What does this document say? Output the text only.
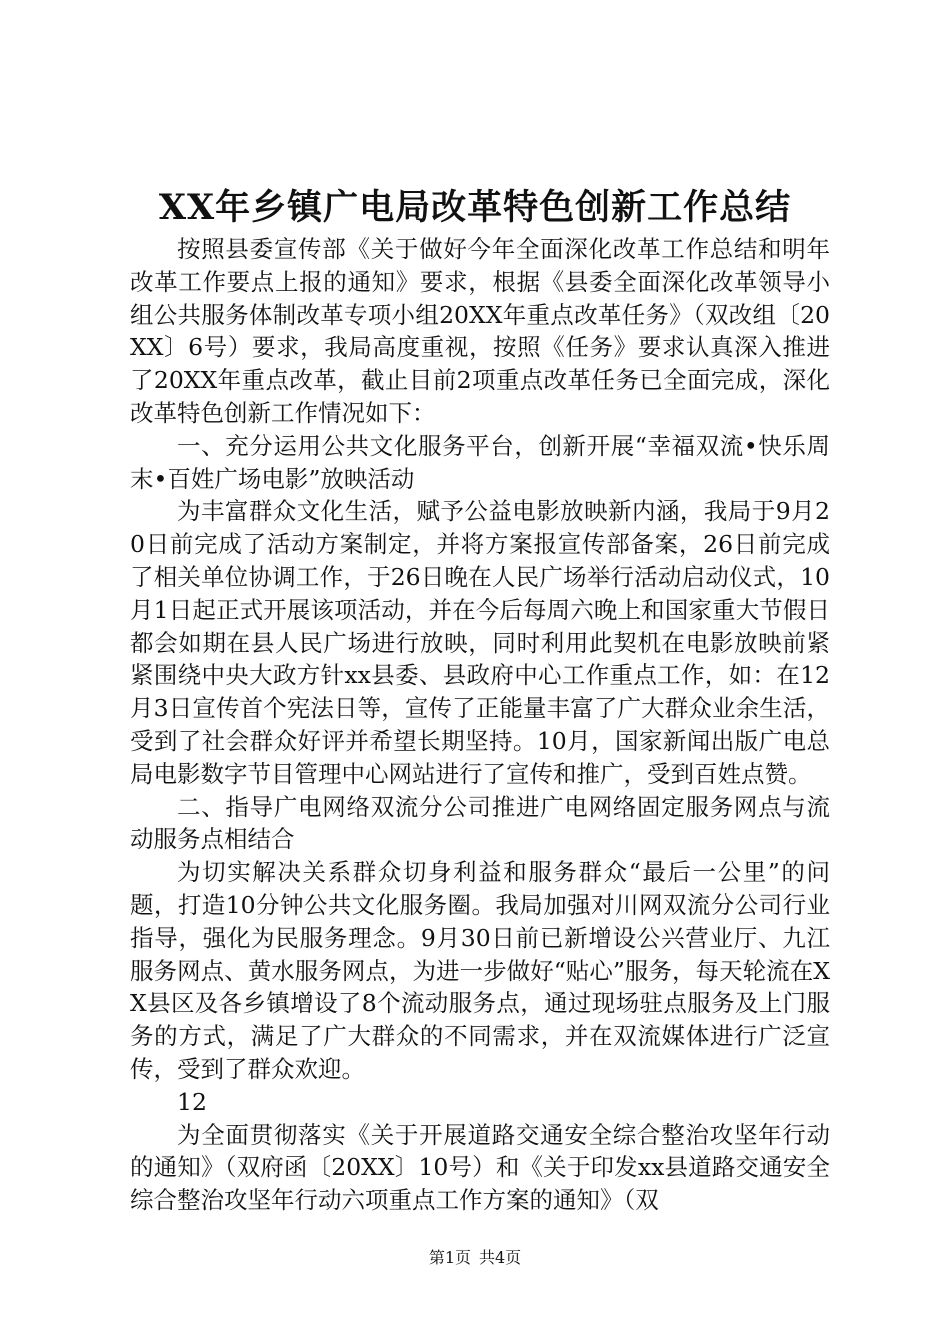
XX年乡镇广电局改革特色创新工作总结

按照县委宣传部《关于做好今年全面深化改革工作总结和明年改革工作要点上报的通知》要求，根据《县委全面深化改革领导小组公共服务体制改革专项小组20XX年重点改革任务》（双改组〔20XX〕6号）要求，我局高度重视，按照《任务》要求认真深入推进了20XX年重点改革，截止目前2项重点改革任务已全面完成，深化改革特色创新工作情况如下：

一、充分运用公共文化服务平台，创新开展“幸福双流•快乐周末•百姓广场电影”放映活动

为丰富群众文化生活，赋予公益电影放映新内涵，我局于9月20日前完成了活动方案制定，并将方案报宣传部备案，26日前完成了相关单位协调工作，于26日晚在人民广场举行活动启动仪式，10月1日起正式开展该项活动，并在今后每周六晚上和国家重大节假日都会如期在县人民广场进行放映，同时利用此契机在电影放映前紧紧围绕中央大政方针xx县委、县政府中心工作重点工作，如：在12月3日宣传首个宪法日等，宣传了正能量丰富了广大群众业余生活，受到了社会群众好评并希望长期坚持。10月，国家新闻出版广电总局电影数字节目管理中心网站进行了宣传和推广，受到百姓点赞。

二、指导广电网络双流分公司推进广电网络固定服务网点与流动服务点相结合

为切实解决关系群众切身利益和服务群众“最后一公里”的问题，打造10分钟公共文化服务圈。我局加强对川网双流分公司行业指导，强化为民服务理念。9月30日前已新增设公兴营业厅、九江服务网点、黄水服务网点，为进一步做好“贴心”服务，每天轮流在XX县区及各乡镇增设了8个流动服务点，通过现场驻点服务及上门服务的方式，满足了广大群众的不同需求，并在双流媒体进行广泛宣传，受到了群众欢迎。

12

为全面贯彻落实《关于开展道路交通安全综合整治攻坚年行动的通知》（双府函〔20XX〕10号）和《关于印发xx县道路交通安全综合整治攻坚年行动六项重点工作方案的通知》（双

第1页 共4页
